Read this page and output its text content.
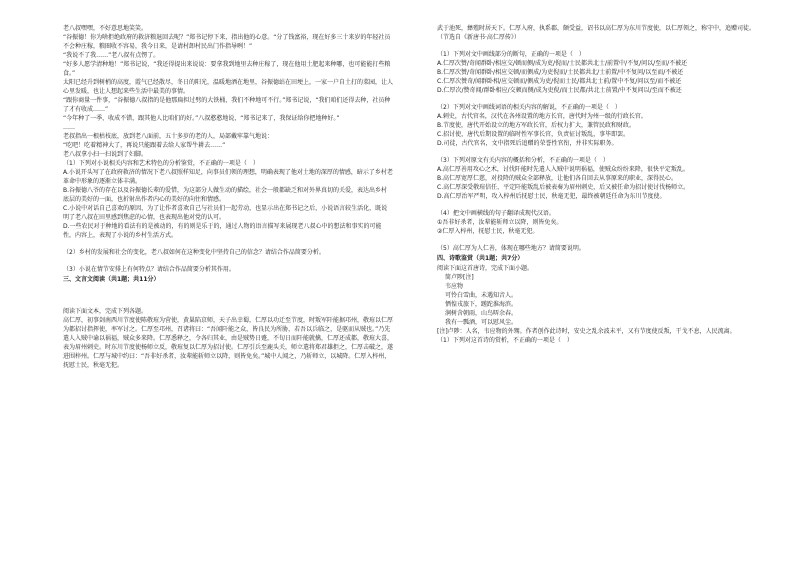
老八叔嘿嘿，不好意思地笑笑。

“谷振德！你为啥拒绝政府的救济粮退回去呢？”郑书记停下来，指出他的心意。“分了钱富裕，现在好多三十来岁的年轻社员不会种庄稼，粮圈收不容易，我今日来，是请村卸村民出门作指导咧！”

“我说不了我……”老八叔有点愣了。

“好多人愿学清种地！”郑书记说，“我还得提出来说说：要拿我到地里去种庄稼了，现在他用土肥起来种哪，也可能能打些粮食。”

太阳已经升到树梢的高度，霞气已经散尽，冬日的阳光，温暖地洒在地里，谷振德站在田埂上，一家一户自土打的菜园，让人心里发暖，也让人想起来些生活中最美的事情。

“跟你商量一件事，“谷振德八叔指的是他那扁担过劈的大铁桶，我们不种地可不行。”郑书记说，“我们咱们还得去种，社员种了才有收成……”

“今年种了一季，收成不错，跟其他人比咱们的好。”八叔憨憨地说，“郑书记来了，我保证给你把地种好。”

……

老叔指出一根枯枝底，放到老八面前，五十多岁的老的人，局部戴牢靠气地说：

“吃吧！吃着精神大了，再说只能跟着去给人家帮牛耕去……”

老八叔拿小扫一扫说到了妇脚。

（1）下列对小说相关内容和艺术特色的分析鉴赏，不正确的一项是（　）

A.小说开头写了在政府救济的情况下老八叔照样知足，向事员们领的理想，明确表现了他对土地的深厚的情感，暗示了乡村老革命中形象的逐渐立体丰满。

B.谷振德八爷的存在以及谷振德长辈的爱惜，为这部分人做生动的描绘，社会一般都缺乏和对外界真切的关爱，表达出乡村底层的美好的一面，也折射出作者内心的美好的向往和情感。

C.小说中对话自己喜欢的原因，为了让作者喜欢自己与社员们一起劳动，也显示出在郑书记之后，小说语言较生活化，既说明了老八叔在田里感到焦虑的心情，也表现出他对党的认可。

D.一些农民对于种地的看法有的是被动的，有的则是乐于的，通过人物的语言描写来展现老八叔心中的想法和事实的可能性，内容上，表现了小说的乡村生活方式。

（2）乡村的发展和社会的变化，老八叔如何在这种变化中坚持自己的信念？请结合作品简要分析。

（3）小说在情节安排上有何特点？请结合作品简要分析其作用。

三、文言文阅读（共1题；共11分）

阅读下面文本，完成下列各题。

高仁厚，初事剑南西川节度使陈敬瑄为营使，黄巢陷京师，天子出幸蜀，仁厚以功迁至节度，时叛军阡能据邛州，敬瑄以仁厚为都招讨指挥使，率军讨之。仁厚至邛州，召诸将曰：“吾闻阡能之众，皆良民为所胁，若吾以兵临之，是驱而从贼也。”乃先遣人入贼中谕以祸福，贼众多来降。仁厚悉释之，令各归其业，由是贼势日蹙，不旬日而阡能就擒，仁厚还成都，敬瑄大喜，表为眉州刺史。时东川节度使杨师立反，敬瑄复以仁厚为招讨使。仁厚引兵至鹿头关，师立遣将郑君雄拒之，仁厚击破之，遂进围梓州。仁厚与城中约曰：“吾非好杀者，汝辈能斩师立以降，则皆免矣。”城中人闻之，乃斩师立，以城降。仁厚入梓州，抚慰士民，秋毫无犯。

武于池死，彝殖时居天下。仁厚入府，执系郡，颇受益，诏书以高仁厚为东川节度使，以仁厚领之，称守中，追赠司徒。

（节选自《新唐书·高仁厚传》）

（1）下列对文中画线部分的断句，正确的一项是（　）

A.仁厚次赞/奇闻群卧/相应交/顿而侧/成为吏/倪而/士民都共北士/前置中/不复/问以/至而/不被还

B.仁厚次赞/奇闻群卧/相应交顿/而侧成/为吏倪而/士民都共北/士前置/中不复问/以至而/不被还

C.仁厚次赞奇/闻群卧相/应交顿而/侧成为吏/倪而士民/都共北士前/置中不复/问以至/而不被还

D.仁厚次/赞奇闻/群卧相应/交顿而侧/成为吏倪/而士民都/共北士前置/中不复问以/至而不被还

（2）下列对文中画线词语的相关内容的解说，不正确的一项是（　）

A.刺史，古代官名，汉代在各州设置的地方长官，唐代时为州一级的行政长官。

B.节度使，唐代开始设立的地方军政长官，后权力扩大，兼管民政和财政。

C.招讨使，唐代后期设置的临时性军事长官，负责征讨叛乱，事毕即罢。

D.司徒，古代官名，文中指死后追赠的荣誉性官衔，并非实际职务。

（3）下列对原文有关内容的概括和分析，不正确的一项是（　）

A.高仁厚善用攻心之术，讨伐阡能时先遣人入贼中说明祸福，使贼众纷纷来降，很快平定叛乱。

B.高仁厚宽厚仁慈，对投降的贼众全部释放，让他们各自回去从事原来的职业，深得民心。

C.高仁厚深受敬瑄信任，平定阡能叛乱后被表奏为眉州刺史，后又被任命为招讨使讨伐杨师立。

D.高仁厚治军严明，攻入梓州后抚慰士民，秋毫无犯，最终被朝廷任命为东川节度使。

（4）把文中画横线的句子翻译成现代汉语。

①吾非好杀者，汝辈能斩师立以降，则皆免矣。

②仁厚入梓州，抚慰士民，秋毫无犯。

（5）高仁厚为人仁善，体现在哪些地方？请简要说明。

四、诗歌鉴赏（共1题；共7分）

阅读下面这首唐诗，完成下面小题。

简卢陟[注]

韦应物

可怜白雪曲，未遇知音人。

恓惶戎旅下，蹉跎淮海滨。

涧树含朝雨，山鸟哢余春。

我有一瓢酒，可以慰风尘。

[注]卢陟：人名，韦应物的外甥。作者创作此诗时，安史之乱余波未平，又有节度使反叛，干戈不息，人民流离。

（1）下列对这首诗的赏析，不正确的一项是（　）
